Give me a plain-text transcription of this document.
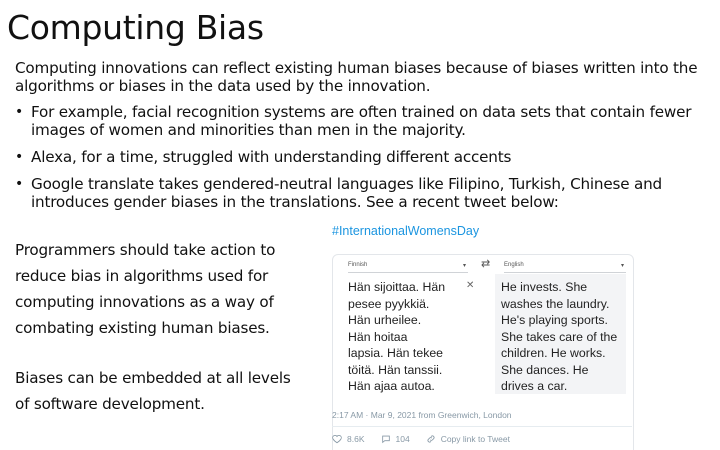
Computing Bias
Computing innovations can reflect existing human biases because of biases written into the algorithms or biases in the data used by the innovation.
• For example, facial recognition systems are often trained on data sets that contain fewer images of women and minorities than men in the majority.
• Alexa, for a time, struggled with understanding different accents
• Google translate takes gendered-neutral languages like Filipino, Turkish, Chinese and introduces gender biases in the translations. See a recent tweet below:
Programmers should take action to reduce bias in algorithms used for computing innovations as a way of combating existing human biases.
Biases can be embedded at all levels of software development.
#InternationalWomensDay
Finnish	▾ ⇄ English	▾
Hän sijoittaa. Hän
pesee pyykkiä.
Hän urheilee.
Hän hoitaa
lapsia. Hän tekee
töitä. Hän tanssii.
Hän ajaa autoa.
✕ He invests. She
washes the laundry.
He's playing sports.
She takes care of the
children. He works.
She dances. He
drives a car.
2:17 AM · Mar 9, 2021 from Greenwich, London
8.6K	104	Copy link to Tweet
